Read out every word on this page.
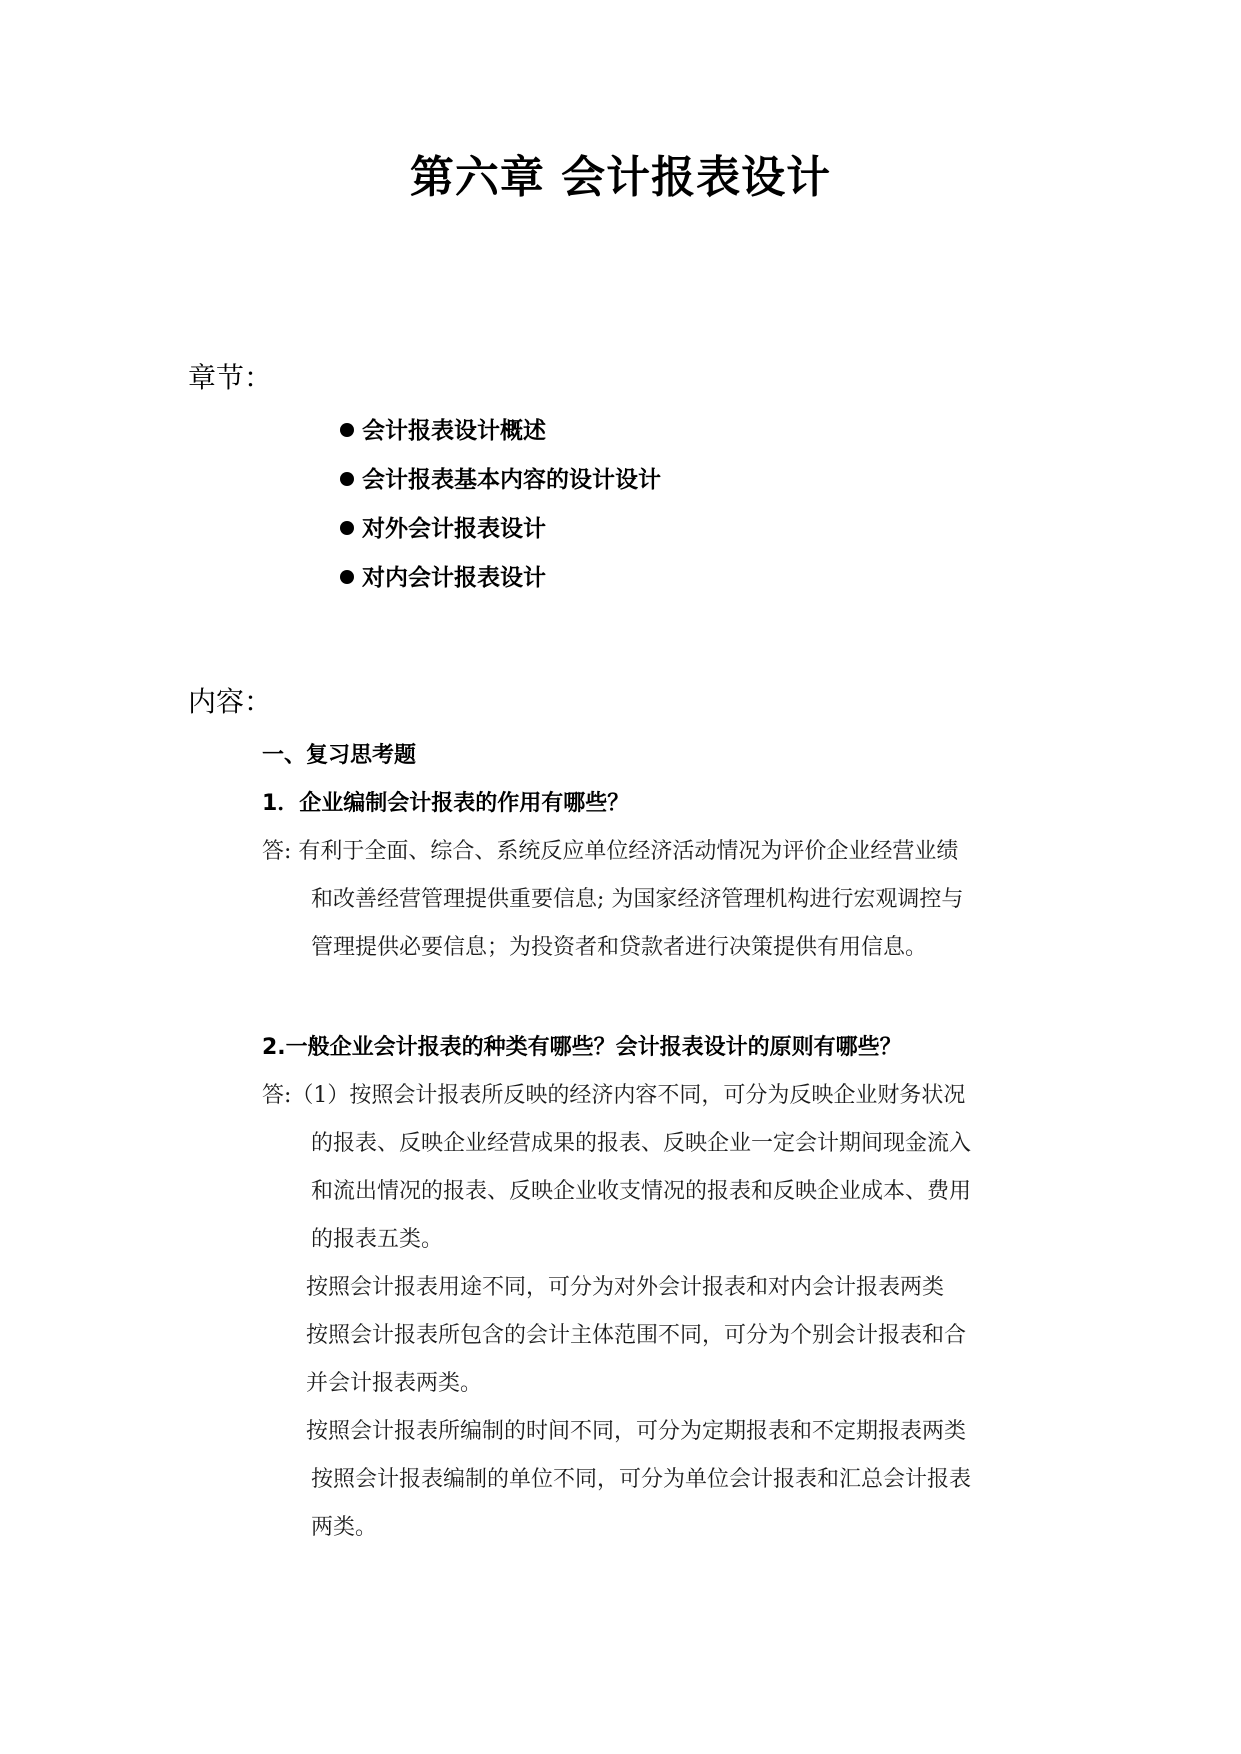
第六章 会计报表设计
章节：
会计报表设计概述
会计报表基本内容的设计设计
对外会计报表设计
对内会计报表设计
内容：
一、复习思考题
1．企业编制会计报表的作用有哪些？
答: 有利于全面、综合、系统反应单位经济活动情况为评价企业经营业绩
和改善经营管理提供重要信息; 为国家经济管理机构进行宏观调控与
管理提供必要信息；为投资者和贷款者进行决策提供有用信息。
2.一般企业会计报表的种类有哪些？会计报表设计的原则有哪些？
答:（1）按照会计报表所反映的经济内容不同，可分为反映企业财务状况
的报表、反映企业经营成果的报表、反映企业一定会计期间现金流入
和流出情况的报表、反映企业收支情况的报表和反映企业成本、费用
的报表五类。
按照会计报表用途不同，可分为对外会计报表和对内会计报表两类
按照会计报表所包含的会计主体范围不同，可分为个别会计报表和合
并会计报表两类。
按照会计报表所编制的时间不同，可分为定期报表和不定期报表两类
按照会计报表编制的单位不同，可分为单位会计报表和汇总会计报表
两类。
